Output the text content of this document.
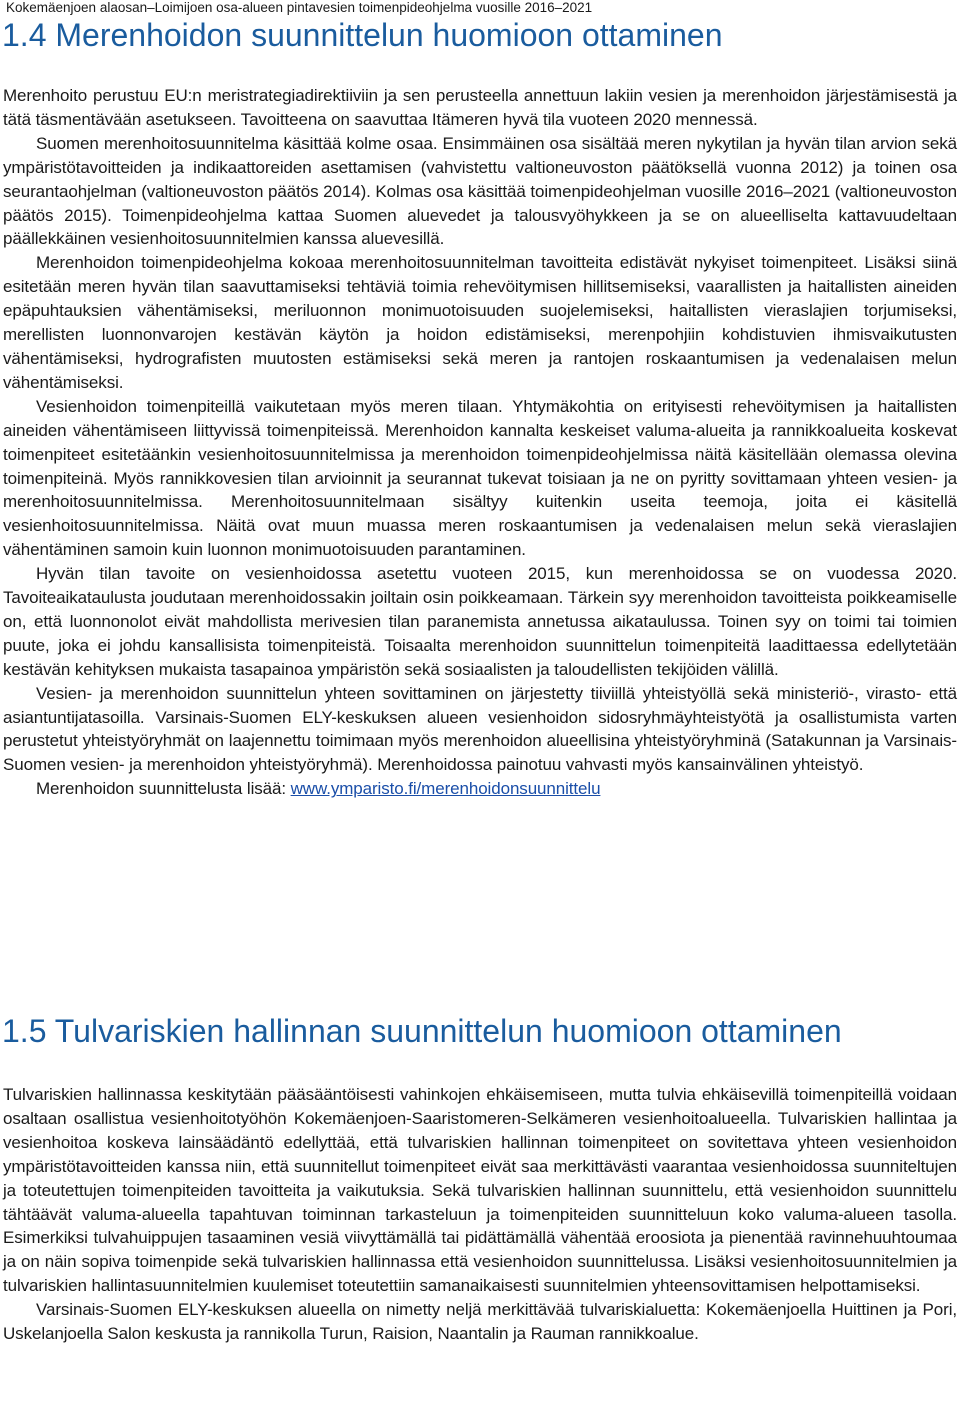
Kokemäenjoen alaosan–Loimijoen osa-alueen pintavesien toimenpideohjelma vuosille 2016–2021
1.4 Merenhoidon suunnittelun huomioon ottaminen

Merenhoito perustuu EU:n meristrategiadirektiiviin ja sen perusteella annettuun lakiin vesien ja merenhoidon järjestämisestä ja tätä täsmentävään asetukseen. Tavoitteena on saavuttaa Itämeren hyvä tila vuoteen 2020 mennessä.

Suomen merenhoitosuunnitelma käsittää kolme osaa. Ensimmäinen osa sisältää meren nykytilan ja hyvän tilan arvion sekä ympäristötavoitteiden ja indikaattoreiden asettamisen (vahvistettu valtioneuvoston päätöksellä vuonna 2012) ja toinen osa seurantaohjelman (valtioneuvoston päätös 2014). Kolmas osa käsittää toimenpideohjelman vuosille 2016–2021 (valtioneuvoston päätös 2015). Toimenpideohjelma kattaa Suomen aluevedet ja talousvyöhykkeen ja se on alueelliselta kattavuudeltaan päällekkäinen vesienhoitosuunnitelmien kanssa aluevesillä.

Merenhoidon toimenpideohjelma kokoaa merenhoitosuunnitelman tavoitteita edistävät nykyiset toimenpiteet. Lisäksi siinä esitetään meren hyvän tilan saavuttamiseksi tehtäviä toimia rehevöitymisen hillitsemiseksi, vaarallisten ja haitallisten aineiden epäpuhtauksien vähentämiseksi, meriluonnon monimuotoisuuden suojelemiseksi, haitallisten vieraslajien torjumiseksi, merellisten luonnonvarojen kestävän käytön ja hoidon edistämiseksi, merenpohjiin kohdistuvien ihmisvaikutusten vähentämiseksi, hydrografisten muutosten estämiseksi sekä meren ja rantojen roskaantumisen ja vedenalaisen melun vähentämiseksi.

Vesienhoidon toimenpiteillä vaikutetaan myös meren tilaan. Yhtymäkohtia on erityisesti rehevöitymisen ja haitallisten aineiden vähentämiseen liittyvissä toimenpiteissä. Merenhoidon kannalta keskeiset valuma-alueita ja rannikkoalueita koskevat toimenpiteet esitetäänkin vesienhoitosuunnitelmissa ja merenhoidon toimenpideohjelmissa näitä käsitellään olemassa olevina toimenpiteinä. Myös rannikkovesien tilan arvioinnit ja seurannat tukevat toisiaan ja ne on pyritty sovittamaan yhteen vesien- ja merenhoitosuunnitelmissa. Merenhoitosuunnitelmaan sisältyy kuitenkin useita teemoja, joita ei käsitellä vesienhoitosuunnitelmissa. Näitä ovat muun muassa meren roskaantumisen ja vedenalaisen melun sekä vieraslajien vähentäminen samoin kuin luonnon monimuotoisuuden parantaminen.

Hyvän tilan tavoite on vesienhoidossa asetettu vuoteen 2015, kun merenhoidossa se on vuodessa 2020. Tavoiteaikataulusta joudutaan merenhoidossakin joiltain osin poikkeamaan. Tärkein syy merenhoidon tavoitteista poikkeamiselle on, että luonnonolot eivät mahdollista merivesien tilan paranemista annetussa aikataulussa. Toinen syy on toimi tai toimien puute, joka ei johdu kansallisista toimenpiteistä. Toisaalta merenhoidon suunnittelun toimenpiteitä laadittaessa edellytetään kestävän kehityksen mukaista tasapainoa ympäristön sekä sosiaalisten ja taloudellisten tekijöiden välillä.

Vesien- ja merenhoidon suunnittelun yhteen sovittaminen on järjestetty tiiviillä yhteistyöllä sekä ministeriö-, virasto- että asiantuntijatasoilla. Varsinais-Suomen ELY-keskuksen alueen vesienhoidon sidosryhmäyhteistyötä ja osallistumista varten perustetut yhteistyöryhmät on laajennettu toimimaan myös merenhoidon alueellisina yhteistyöryhminä (Satakunnan ja Varsinais-Suomen vesien- ja merenhoidon yhteistyöryhmä). Merenhoidossa painotuu vahvasti myös kansainvälinen yhteistyö.

Merenhoidon suunnittelusta lisää: www.ymparisto.fi/merenhoidonsuunnittelu

1.5 Tulvariskien hallinnan suunnittelun huomioon ottaminen

Tulvariskien hallinnassa keskitytään pääsääntöisesti vahinkojen ehkäisemiseen, mutta tulvia ehkäisevillä toimenpiteillä voidaan osaltaan osallistua vesienhoitotyöhön Kokemäenjoen-Saaristomeren-Selkämeren vesienhoitoalueella. Tulvariskien hallintaa ja vesienhoitoa koskeva lainsäädäntö edellyttää, että tulvariskien hallinnan toimenpiteet on sovitettava yhteen vesienhoidon ympäristötavoitteiden kanssa niin, että suunnitellut toimenpiteet eivät saa merkittävästi vaarantaa vesienhoidossa suunniteltujen ja toteutettujen toimenpiteiden tavoitteita ja vaikutuksia. Sekä tulvariskien hallinnan suunnittelu, että vesienhoidon suunnittelu tähtäävät valuma-alueella tapahtuvan toiminnan tarkasteluun ja toimenpiteiden suunnitteluun koko valuma-alueen tasolla. Esimerkiksi tulvahuippujen tasaaminen vesiä viivyttämällä tai pidättämällä vähentää eroosiota ja pienentää ravinnehuuhtoumaa ja on näin sopiva toimenpide sekä tulvariskien hallinnassa että vesienhoidon suunnittelussa. Lisäksi vesienhoitosuunnitelmien ja tulvariskien hallintasuunnitelmien kuulemiset toteutettiin samanaikaisesti suunnitelmien yhteensovittamisen helpottamiseksi.

Varsinais-Suomen ELY-keskuksen alueella on nimetty neljä merkittävää tulvariskialuetta: Kokemäenjoella Huittinen ja Pori, Uskelanjoella Salon keskusta ja rannikolla Turun, Raision, Naantalin ja Rauman rannikkoalue.
